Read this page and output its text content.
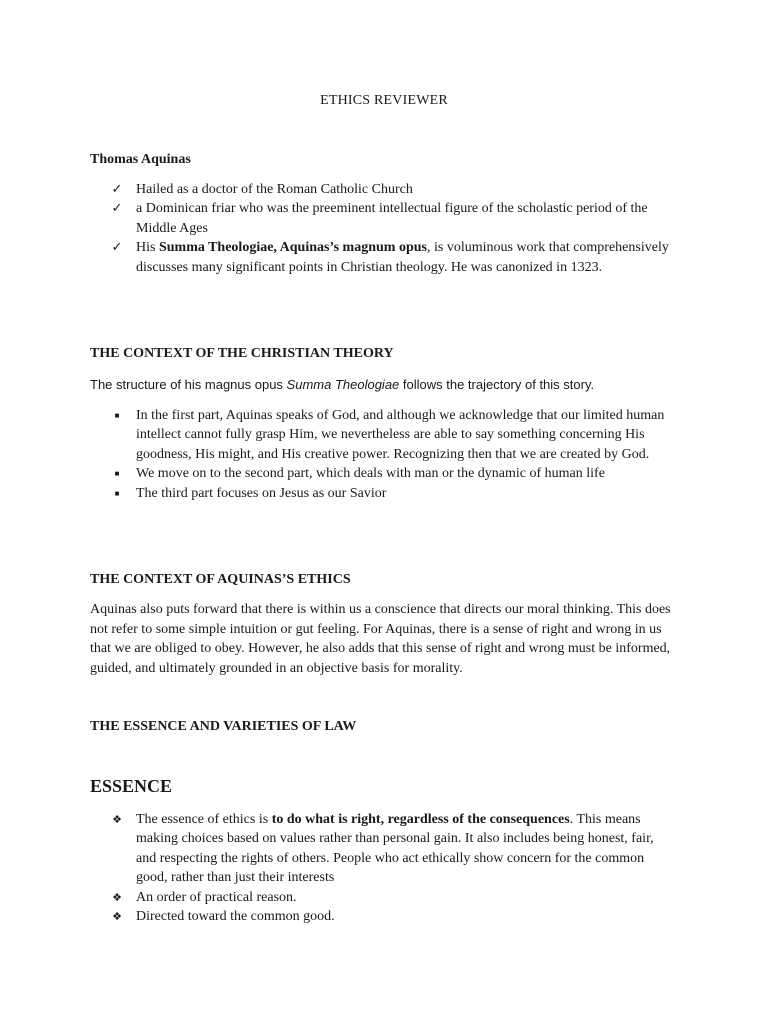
ETHICS REVIEWER
Thomas Aquinas
✓ Hailed as a doctor of the Roman Catholic Church
✓ a Dominican friar who was the preeminent intellectual figure of the scholastic period of the Middle Ages
✓ His Summa Theologiae, Aquinas’s magnum opus, is voluminous work that comprehensively discusses many significant points in Christian theology. He was canonized in 1323.
THE CONTEXT OF THE CHRISTIAN THEORY
The structure of his magnus opus Summa Theologiae follows the trajectory of this story.
■	In the first part, Aquinas speaks of God, and although we acknowledge that our limited human intellect cannot fully grasp Him, we nevertheless are able to say something concerning His goodness, His might, and His creative power. Recognizing then that we are created by God.
■	We move on to the second part, which deals with man or the dynamic of human life
■	The third part focuses on Jesus as our Savior
THE CONTEXT OF AQUINAS’S ETHICS

Aquinas also puts forward that there is within us a conscience that directs our moral thinking. This does not refer to some simple intuition or gut feeling. For Aquinas, there is a sense of right and wrong in us that we are obliged to obey. However, he also adds that this sense of right and wrong must be informed, guided, and ultimately grounded in an objective basis for morality.

THE ESSENCE AND VARIETIES OF LAW
ESSENCE
❖ The essence of ethics is to do what is right, regardless of the consequences. This means making choices based on values rather than personal gain. It also includes being honest, fair, and respecting the rights of others. People who act ethically show concern for the common good, rather than just their interests
❖ An order of practical reason.
❖ Directed toward the common good.
